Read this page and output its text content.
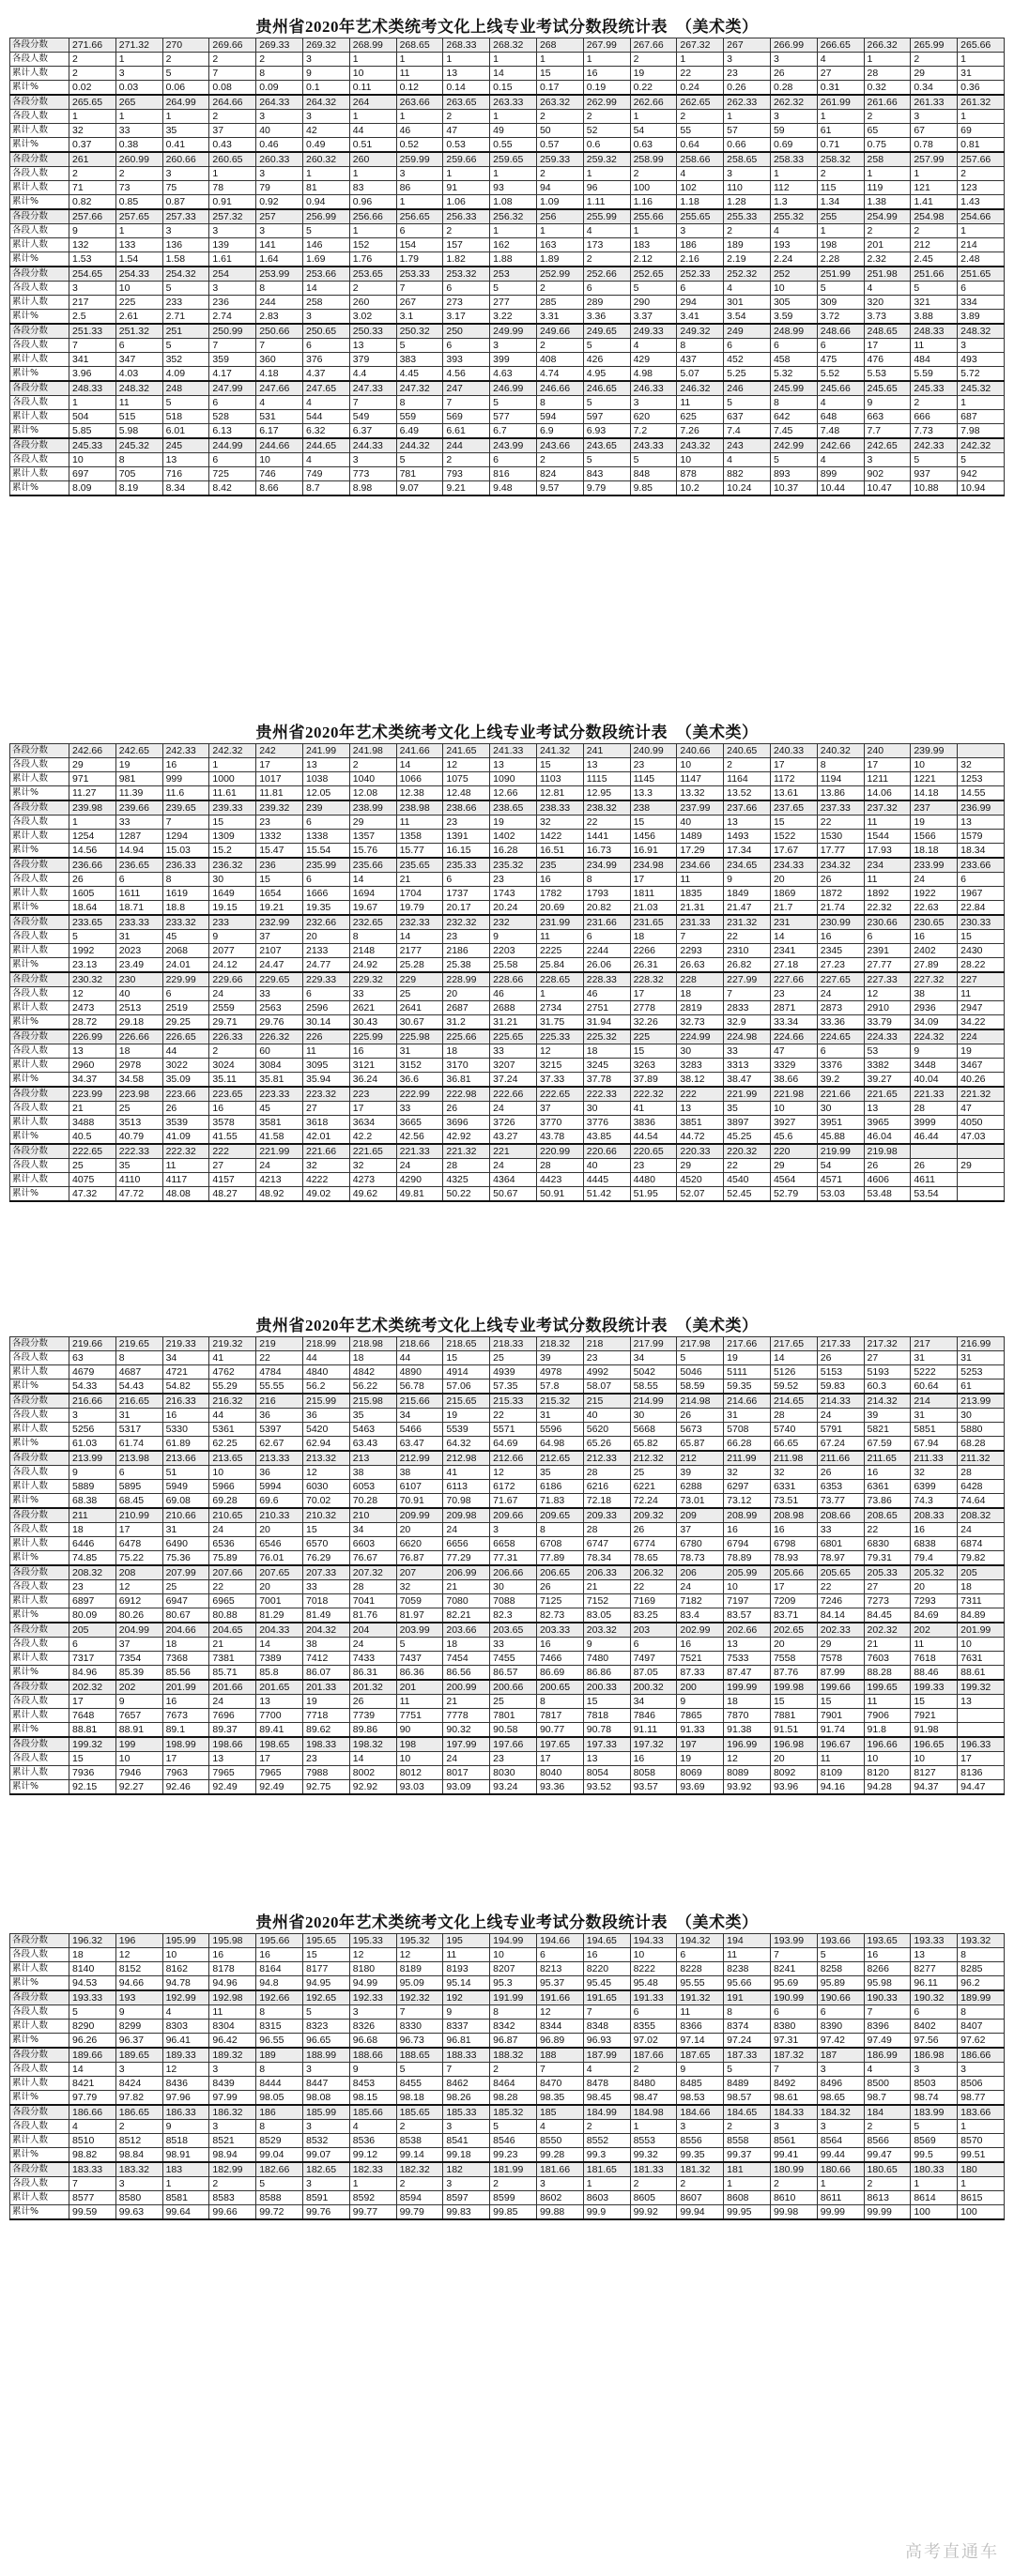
贵州省2020年艺术类统考文化上线专业考试分数段统计表　（美术类）
各段分数	271.66	271.32	270	269.66	269.33	269.32	268.99	268.65	268.33	268.32	268	267.99	267.66	267.32	267	266.99	266.65	266.32	265.99	265.66
各段人数	2	1	2	2	2	3	1	1	1	1	1	1	2	1	3	3	4	1	2	1
累计人数	2	3	5	7	8	9	10	11	13	14	15	16	19	22	23	26	27	28	29	31
累计%	0.02	0.03	0.06	0.08	0.09	0.1	0.11	0.12	0.14	0.15	0.17	0.19	0.22	0.24	0.26	0.28	0.31	0.32	0.34	0.36
各段分数	265.65	265	264.99	264.66	264.33	264.32	264	263.66	263.65	263.33	263.32	262.99	262.66	262.65	262.33	262.32	261.99	261.66	261.33	261.32
各段人数	1	1	1	2	3	3	1	1	2	1	2	2	1	2	1	3	1	2	3	1
累计人数	32	33	35	37	40	42	44	46	47	49	50	52	54	55	57	59	61	65	67	69
累计%	0.37	0.38	0.41	0.43	0.46	0.49	0.51	0.52	0.53	0.55	0.57	0.6	0.63	0.64	0.66	0.69	0.71	0.75	0.78	0.81
各段分数	261	260.99	260.66	260.65	260.33	260.32	260	259.99	259.66	259.65	259.33	259.32	258.99	258.66	258.65	258.33	258.32	258	257.99	257.66
各段人数	2	2	3	1	3	1	1	3	1	1	2	1	2	4	3	1	2	1	1	2
累计人数	71	73	75	78	79	81	83	86	91	93	94	96	100	102	110	112	115	119	121	123
累计%	0.82	0.85	0.87	0.91	0.92	0.94	0.96	1	1.06	1.08	1.09	1.11	1.16	1.18	1.28	1.3	1.34	1.38	1.41	1.43
各段分数	257.66	257.65	257.33	257.32	257	256.99	256.66	256.65	256.33	256.32	256	255.99	255.66	255.65	255.33	255.32	255	254.99	254.98	254.66
各段人数	9	1	3	3	3	5	1	6	2	1	1	4	1	3	2	4	1	2	2	1
累计人数	132	133	136	139	141	146	152	154	157	162	163	173	183	186	189	193	198	201	212	214
累计%	1.53	1.54	1.58	1.61	1.64	1.69	1.76	1.79	1.82	1.88	1.89	2	2.12	2.16	2.19	2.24	2.28	2.32	2.45	2.48
各段分数	254.65	254.33	254.32	254	253.99	253.66	253.65	253.33	253.32	253	252.99	252.66	252.65	252.33	252.32	252	251.99	251.98	251.66	251.65
各段人数	3	10	5	3	8	14	2	7	6	5	2	6	5	6	4	10	5	4	5	6
累计人数	217	225	233	236	244	258	260	267	273	277	285	289	290	294	301	305	309	320	321	334
累计%	2.5	2.61	2.71	2.74	2.83	3	3.02	3.1	3.17	3.22	3.31	3.36	3.37	3.41	3.54	3.59	3.72	3.73	3.88	3.89
各段分数	251.33	251.32	251	250.99	250.66	250.65	250.33	250.32	250	249.99	249.66	249.65	249.33	249.32	249	248.99	248.66	248.65	248.33	248.32
各段人数	7	6	5	7	7	6	13	5	6	3	2	5	4	8	6	6	6	17	11	3
累计人数	341	347	352	359	360	376	379	383	393	399	408	426	429	437	452	458	475	476	484	493
累计%	3.96	4.03	4.09	4.17	4.18	4.37	4.4	4.45	4.56	4.63	4.74	4.95	4.98	5.07	5.25	5.32	5.52	5.53	5.59	5.72
各段分数	248.33	248.32	248	247.99	247.66	247.65	247.33	247.32	247	246.99	246.66	246.65	246.33	246.32	246	245.99	245.66	245.65	245.33	245.32
各段人数	1	11	5	6	4	4	7	8	7	5	8	5	3	11	5	8	4	9	2	1
累计人数	504	515	518	528	531	544	549	559	569	577	594	597	620	625	637	642	648	663	666	687
累计%	5.85	5.98	6.01	6.13	6.17	6.32	6.37	6.49	6.61	6.7	6.9	6.93	7.2	7.26	7.4	7.45	7.48	7.7	7.73	7.98
各段分数	245.33	245.32	245	244.99	244.66	244.65	244.33	244.32	244	243.99	243.66	243.65	243.33	243.32	243	242.99	242.66	242.65	242.33	242.32
各段人数	10	8	13	6	10	4	3	5	2	6	2	5	5	10	4	5	4	3	5	5
累计人数	697	705	716	725	746	749	773	781	793	816	824	843	848	878	882	893	899	902	937	942
累计%	8.09	8.19	8.34	8.42	8.66	8.7	8.98	9.07	9.21	9.48	9.57	9.79	9.85	10.2	10.24	10.37	10.44	10.47	10.88	10.94
贵州省2020年艺术类统考文化上线专业考试分数段统计表　（美术类）
各段分数	242.66	242.65	242.33	242.32	242	241.99	241.98	241.66	241.65	241.33	241.32	241	240.99	240.66	240.65	240.33	240.32	240	239.99	
各段人数	29	19	16	1	17	13	2	14	12	13	15	13	23	10	2	17	8	17	10	32
累计人数	971	981	999	1000	1017	1038	1040	1066	1075	1090	1103	1115	1145	1147	1164	1172	1194	1211	1221	1253
累计%	11.27	11.39	11.6	11.61	11.81	12.05	12.08	12.38	12.48	12.66	12.81	12.95	13.3	13.32	13.52	13.61	13.86	14.06	14.18	14.55
各段分数	239.98	239.66	239.65	239.33	239.32	239	238.99	238.98	238.66	238.65	238.33	238.32	238	237.99	237.66	237.65	237.33	237.32	237	236.99
各段人数	1	33	7	15	23	6	29	11	23	19	32	22	15	40	13	15	22	11	19	13
累计人数	1254	1287	1294	1309	1332	1338	1357	1358	1391	1402	1422	1441	1456	1489	1493	1522	1530	1544	1566	1579
累计%	14.56	14.94	15.03	15.2	15.47	15.54	15.76	15.77	16.15	16.28	16.51	16.73	16.91	17.29	17.34	17.67	17.77	17.93	18.18	18.34
各段分数	236.66	236.65	236.33	236.32	236	235.99	235.66	235.65	235.33	235.32	235	234.99	234.98	234.66	234.65	234.33	234.32	234	233.99	233.66
各段人数	26	6	8	30	15	6	14	21	6	23	16	8	17	11	9	20	26	11	24	6
累计人数	1605	1611	1619	1649	1654	1666	1694	1704	1737	1743	1782	1793	1811	1835	1849	1869	1872	1892	1922	1967
累计%	18.64	18.71	18.8	19.15	19.21	19.35	19.67	19.79	20.17	20.24	20.69	20.82	21.03	21.31	21.47	21.7	21.74	22.32	22.63	22.84
各段分数	233.65	233.33	233.32	233	232.99	232.66	232.65	232.33	232.32	232	231.99	231.66	231.65	231.33	231.32	231	230.99	230.66	230.65	230.33
各段人数	5	31	45	9	37	20	8	14	23	9	11	6	18	7	22	14	16	6	16	15
累计人数	1992	2023	2068	2077	2107	2133	2148	2177	2186	2203	2225	2244	2266	2293	2310	2341	2345	2391	2402	2430
累计%	23.13	23.49	24.01	24.12	24.47	24.77	24.92	25.28	25.38	25.58	25.84	26.06	26.31	26.63	26.82	27.18	27.23	27.77	27.89	28.22
各段分数	230.32	230	229.99	229.66	229.65	229.33	229.32	229	228.99	228.66	228.65	228.33	228.32	228	227.99	227.66	227.65	227.33	227.32	227
各段人数	12	40	6	24	33	6	33	25	20	46	1	46	17	18	7	23	24	12	38	11
累计人数	2473	2513	2519	2559	2563	2596	2621	2641	2687	2688	2734	2751	2778	2819	2833	2871	2873	2910	2936	2947
累计%	28.72	29.18	29.25	29.71	29.76	30.14	30.43	30.67	31.2	31.21	31.75	31.94	32.26	32.73	32.9	33.34	33.36	33.79	34.09	34.22
各段分数	226.99	226.66	226.65	226.33	226.32	226	225.99	225.98	225.66	225.65	225.33	225.32	225	224.99	224.98	224.66	224.65	224.33	224.32	224
各段人数	13	18	44	2	60	11	16	31	18	33	12	18	15	30	33	47	6	53	9	19
累计人数	2960	2978	3022	3024	3084	3095	3121	3152	3170	3207	3215	3245	3263	3283	3313	3329	3376	3382	3448	3467
累计%	34.37	34.58	35.09	35.11	35.81	35.94	36.24	36.6	36.81	37.24	37.33	37.78	37.89	38.12	38.47	38.66	39.2	39.27	40.04	40.26
各段分数	223.99	223.98	223.66	223.65	223.33	223.32	223	222.99	222.98	222.66	222.65	222.33	222.32	222	221.99	221.98	221.66	221.65	221.33	221.32
各段人数	21	25	26	16	45	27	17	33	26	24	37	30	41	13	35	10	30	13	28	47
累计人数	3488	3513	3539	3578	3581	3618	3634	3665	3696	3726	3770	3776	3836	3851	3897	3927	3951	3965	3999	4050
累计%	40.5	40.79	41.09	41.55	41.58	42.01	42.2	42.56	42.92	43.27	43.78	43.85	44.54	44.72	45.25	45.6	45.88	46.04	46.44	47.03
各段分数	222.65	222.33	222.32	222	221.99	221.66	221.65	221.33	221.32	221	220.99	220.66	220.65	220.33	220.32	220	219.99	219.98		
各段人数	25	35	11	27	24	32	32	24	28	24	28	40	23	29	22	29	54	26	26	29
累计人数	4075	4110	4117	4157	4213	4222	4273	4290	4325	4364	4423	4445	4480	4520	4540	4564	4571	4606	4611	
累计%	47.32	47.72	48.08	48.27	48.92	49.02	49.62	49.81	50.22	50.67	50.91	51.42	51.95	52.07	52.45	52.79	53.03	53.48	53.54	
贵州省2020年艺术类统考文化上线专业考试分数段统计表　（美术类）
各段分数	219.66	219.65	219.33	219.32	219	218.99	218.98	218.66	218.65	218.33	218.32	218	217.99	217.98	217.66	217.65	217.33	217.32	217	216.99
各段人数	63	8	34	41	22	44	18	44	15	25	39	23	34	5	19	14	26	27	31	31
累计人数	4679	4687	4721	4762	4784	4840	4842	4890	4914	4939	4978	4992	5042	5046	5111	5126	5153	5193	5222	5253
累计%	54.33	54.43	54.82	55.29	55.55	56.2	56.22	56.78	57.06	57.35	57.8	58.07	58.55	58.59	59.35	59.52	59.83	60.3	60.64	61
各段分数	216.66	216.65	216.33	216.32	216	215.99	215.98	215.66	215.65	215.33	215.32	215	214.99	214.98	214.66	214.65	214.33	214.32	214	213.99
各段人数	3	31	16	44	36	36	35	34	19	22	31	40	30	26	31	28	24	39	31	30
累计人数	5256	5317	5330	5361	5397	5420	5463	5466	5539	5571	5596	5620	5668	5673	5708	5740	5791	5821	5851	5880
累计%	61.03	61.74	61.89	62.25	62.67	62.94	63.43	63.47	64.32	64.69	64.98	65.26	65.82	65.87	66.28	66.65	67.24	67.59	67.94	68.28
各段分数	213.99	213.98	213.66	213.65	213.33	213.32	213	212.99	212.98	212.66	212.65	212.33	212.32	212	211.99	211.98	211.66	211.65	211.33	211.32
各段人数	9	6	51	10	36	12	38	38	41	12	35	28	25	39	32	32	26	16	32	28
累计人数	5889	5895	5949	5966	5994	6030	6053	6107	6113	6172	6186	6216	6221	6288	6297	6331	6353	6361	6399	6428
累计%	68.38	68.45	69.08	69.28	69.6	70.02	70.28	70.91	70.98	71.67	71.83	72.18	72.24	73.01	73.12	73.51	73.77	73.86	74.3	74.64
各段分数	211	210.99	210.66	210.65	210.33	210.32	210	209.99	209.98	209.66	209.65	209.33	209.32	209	208.99	208.98	208.66	208.65	208.33	208.32
各段人数	18	17	31	24	20	15	34	20	24	3	8	28	26	37	16	16	33	22	16	24
累计人数	6446	6478	6490	6536	6546	6570	6603	6620	6656	6658	6708	6747	6774	6780	6794	6798	6801	6830	6838	6874
累计%	74.85	75.22	75.36	75.89	76.01	76.29	76.67	76.87	77.29	77.31	77.89	78.34	78.65	78.73	78.89	78.93	78.97	79.31	79.4	79.82
各段分数	208.32	208	207.99	207.66	207.65	207.33	207.32	207	206.99	206.66	206.65	206.33	206.32	206	205.99	205.66	205.65	205.33	205.32	205
各段人数	23	12	25	22	20	33	28	32	21	30	26	21	22	24	10	17	22	27	20	18
累计人数	6897	6912	6947	6965	7001	7018	7041	7059	7080	7088	7125	7152	7169	7182	7197	7209	7246	7273	7293	7311
累计%	80.09	80.26	80.67	80.88	81.29	81.49	81.76	81.97	82.21	82.3	82.73	83.05	83.25	83.4	83.57	83.71	84.14	84.45	84.69	84.89
各段分数	205	204.99	204.66	204.65	204.33	204.32	204	203.99	203.66	203.65	203.33	203.32	203	202.99	202.66	202.65	202.33	202.32	202	201.99
各段人数	6	37	18	21	14	38	24	5	18	33	16	9	6	16	13	20	29	21	11	10
累计人数	7317	7354	7368	7381	7389	7412	7433	7437	7454	7455	7466	7480	7497	7521	7533	7558	7578	7603	7618	7631
累计%	84.96	85.39	85.56	85.71	85.8	86.07	86.31	86.36	86.56	86.57	86.69	86.86	87.05	87.33	87.47	87.76	87.99	88.28	88.46	88.61
各段分数	202.32	202	201.99	201.66	201.65	201.33	201.32	201	200.99	200.66	200.65	200.33	200.32	200	199.99	199.98	199.66	199.65	199.33	199.32
各段人数	17	9	16	24	13	19	26	11	21	25	8	15	34	9	18	15	15	11	15	13
累计人数	7648	7657	7673	7696	7700	7718	7739	7751	7778	7801	7817	7818	7846	7865	7870	7881	7901	7906	7921	
累计%	88.81	88.91	89.1	89.37	89.41	89.62	89.86	90	90.32	90.58	90.77	90.78	91.11	91.33	91.38	91.51	91.74	91.8	91.98	
各段分数	199.32	199	198.99	198.66	198.65	198.33	198.32	198	197.99	197.66	197.65	197.33	197.32	197	196.99	196.98	196.67	196.66	196.65	196.33
各段人数	15	10	17	13	17	23	14	10	24	23	17	13	16	19	12	20	11	10	10	17
累计人数	7936	7946	7963	7965	7965	7988	8002	8012	8017	8030	8040	8054	8058	8069	8089	8092	8109	8120	8127	8136
累计%	92.15	92.27	92.46	92.49	92.49	92.75	92.92	93.03	93.09	93.24	93.36	93.52	93.57	93.69	93.92	93.96	94.16	94.28	94.37	94.47
贵州省2020年艺术类统考文化上线专业考试分数段统计表　（美术类）
各段分数	196.32	196	195.99	195.98	195.66	195.65	195.33	195.32	195	194.99	194.66	194.65	194.33	194.32	194	193.99	193.66	193.65	193.33	193.32
各段人数	18	12	10	16	16	15	12	12	11	10	6	16	10	6	11	7	5	16	13	8
累计人数	8140	8152	8162	8178	8164	8177	8180	8189	8193	8207	8213	8220	8222	8228	8238	8241	8258	8266	8277	8285
累计%	94.53	94.66	94.78	94.96	94.8	94.95	94.99	95.09	95.14	95.3	95.37	95.45	95.48	95.55	95.66	95.69	95.89	95.98	96.11	96.2
各段分数	193.33	193	192.99	192.98	192.66	192.65	192.33	192.32	192	191.99	191.66	191.65	191.33	191.32	191	190.99	190.66	190.33	190.32	189.99
各段人数	5	9	4	11	8	5	3	7	9	8	12	7	6	11	8	6	6	7	6	8
累计人数	8290	8299	8303	8304	8315	8323	8326	8330	8337	8342	8344	8348	8355	8366	8374	8380	8390	8396	8402	8407
累计%	96.26	96.37	96.41	96.42	96.55	96.65	96.68	96.73	96.81	96.87	96.89	96.93	97.02	97.14	97.24	97.31	97.42	97.49	97.56	97.62
各段分数	189.66	189.65	189.33	189.32	189	188.99	188.66	188.65	188.33	188.32	188	187.99	187.66	187.65	187.33	187.32	187	186.99	186.98	186.66
各段人数	14	3	12	3	8	3	9	5	7	2	7	4	2	9	5	7	3	4	3	3
累计人数	8421	8424	8436	8439	8444	8447	8453	8455	8462	8464	8470	8478	8480	8485	8489	8492	8496	8500	8503	8506
累计%	97.79	97.82	97.96	97.99	98.05	98.08	98.15	98.18	98.26	98.28	98.35	98.45	98.47	98.53	98.57	98.61	98.65	98.7	98.74	98.77
各段分数	186.66	186.65	186.33	186.32	186	185.99	185.66	185.65	185.33	185.32	185	184.99	184.98	184.66	184.65	184.33	184.32	184	183.99	183.66
各段人数	4	2	9	3	8	3	4	2	3	5	4	2	1	3	2	3	3	2	5	1
累计人数	8510	8512	8518	8521	8529	8532	8536	8538	8541	8546	8550	8552	8553	8556	8558	8561	8564	8566	8569	8570
累计%	98.82	98.84	98.91	98.94	99.04	99.07	99.12	99.14	99.18	99.23	99.28	99.3	99.32	99.35	99.37	99.41	99.44	99.47	99.5	99.51
各段分数	183.33	183.32	183	182.99	182.66	182.65	182.33	182.32	182	181.99	181.66	181.65	181.33	181.32	181	180.99	180.66	180.65	180.33	180
各段人数	7	3	1	2	5	3	1	2	3	2	3	1	2	2	1	2	1	2	1	1
累计人数	8577	8580	8581	8583	8588	8591	8592	8594	8597	8599	8602	8603	8605	8607	8608	8610	8611	8613	8614	8615
累计%	99.59	99.63	99.64	99.66	99.72	99.76	99.77	99.79	99.83	99.85	99.88	99.9	99.92	99.94	99.95	99.98	99.99	99.99	100	100
高考直通车
